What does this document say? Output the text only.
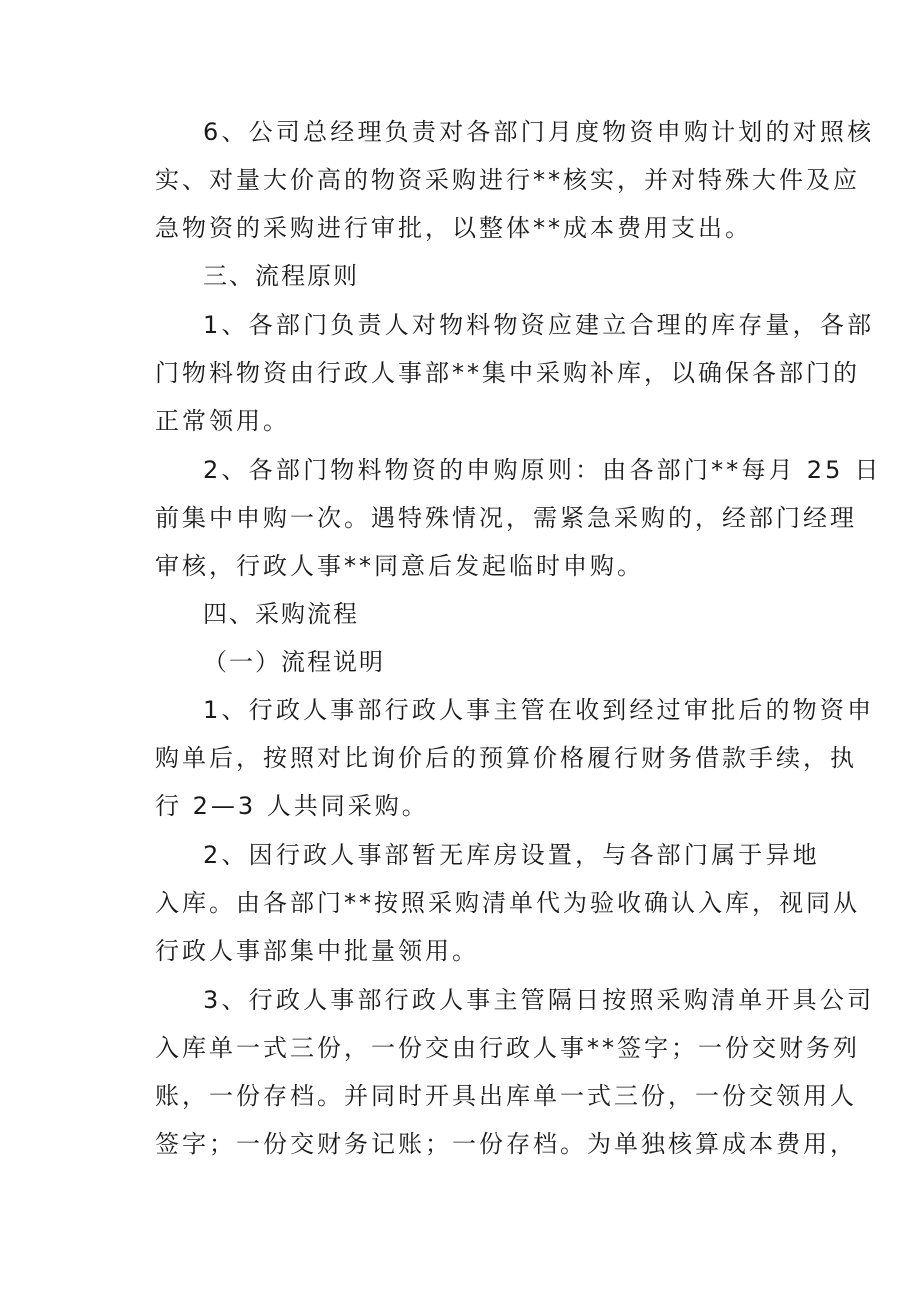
6、公司总经理负责对各部门月度物资申购计划的对照核
实、对量大价高的物资采购进行**核实，并对特殊大件及应
急物资的采购进行审批，以整体**成本费用支出。
三、流程原则
1、各部门负责人对物料物资应建立合理的库存量，各部
门物料物资由行政人事部**集中采购补库，以确保各部门的
正常领用。
2、各部门物料物资的申购原则：由各部门**每月 25 日
前集中申购一次。遇特殊情况，需紧急采购的，经部门经理
审核，行政人事**同意后发起临时申购。
四、采购流程
（一）流程说明
1、行政人事部行政人事主管在收到经过审批后的物资申
购单后，按照对比询价后的预算价格履行财务借款手续，执
行 2—3 人共同采购。
2、因行政人事部暂无库房设置，与各部门属于异地
入库。由各部门**按照采购清单代为验收确认入库，视同从
行政人事部集中批量领用。
3、行政人事部行政人事主管隔日按照采购清单开具公司
入库单一式三份，一份交由行政人事**签字；一份交财务列
账，一份存档。并同时开具出库单一式三份，一份交领用人
签字；一份交财务记账；一份存档。为单独核算成本费用，
